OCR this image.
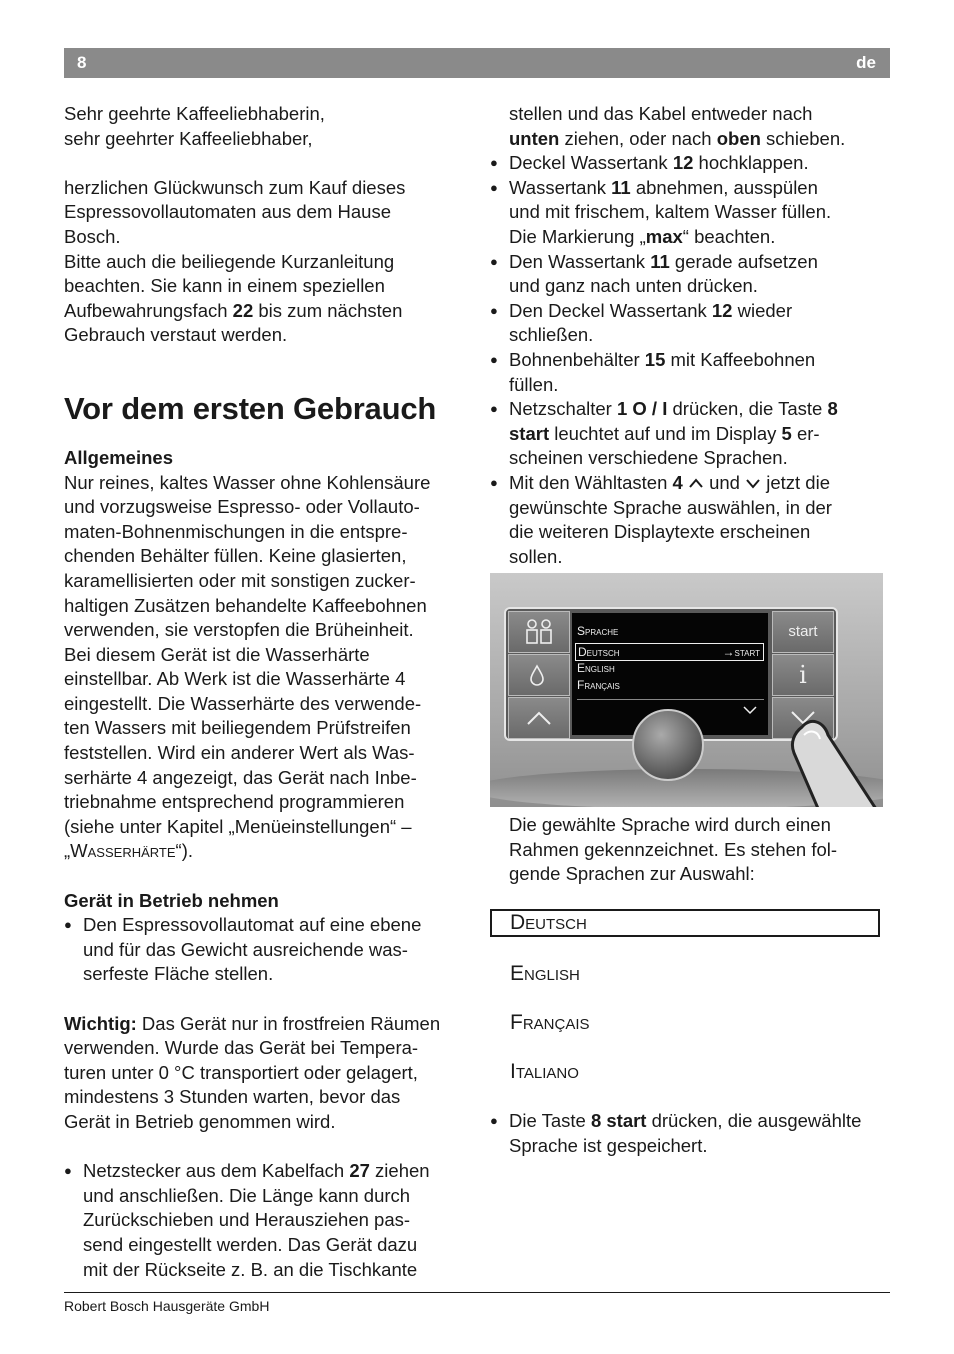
8	de

Sehr geehrte Kaffeeliebhaberin,

sehr geehrter Kaffeeliebhaber,

herzlichen Glückwunsch zum Kauf dieses

Espressovollautomaten aus dem Hause

Bosch.

Bitte auch die beiliegende Kurzanleitung

beachten. Sie kann in einem speziellen

Aufbewahrungsfach 22 bis zum nächsten

Gebrauch verstaut werden.

Vor dem ersten Gebrauch

Allgemeines

Nur reines, kaltes Wasser ohne Kohlensäure

und vorzugsweise Espresso- oder Vollauto-

maten-Bohnenmischungen in die entspre-

chenden Behälter füllen. Keine glasierten,

karamellisierten oder mit sonstigen zucker-

haltigen Zusätzen behandelte Kaffeebohnen

verwenden, sie verstopfen die Brüheinheit.

Bei diesem Gerät ist die Wasserhärte

einstellbar. Ab Werk ist die Wasserhärte 4

eingestellt. Die Wasserhärte des verwende-

ten Wassers mit beiliegendem Prüfstreifen

feststellen. Wird ein anderer Wert als Was-

serhärte 4 angezeigt, das Gerät nach Inbe-

triebnahme entsprechend programmieren

(siehe unter Kapitel „Menüeinstellungen“ –

„Wasserhärte“).

Gerät in Betrieb nehmen

● Den Espressovollautomat auf eine ebene
und für das Gewicht ausreichende was-
serfeste Fläche stellen.

Wichtig: Das Gerät nur in frostfreien Räumen

verwenden. Wurde das Gerät bei Tempera-

turen unter 0 °C transportiert oder gelagert,

mindestens 3 Stunden warten, bevor das

Gerät in Betrieb genommen wird.

● Netzstecker aus dem Kabelfach 27 ziehen
und anschließen. Die Länge kann durch
Zurückschieben und Herausziehen pas-
send eingestellt werden. Das Gerät dazu
mit der Rückseite z. B. an die Tischkante
stellen und das Kabel entweder nach
unten ziehen, oder nach oben schieben.
● Deckel Wassertank 12 hochklappen.
● Wassertank 11 abnehmen, ausspülen
und mit frischem, kaltem Wasser füllen.
Die Markierung „max“ beachten.
● Den Wassertank 11 gerade aufsetzen
und ganz nach unten drücken.
● Den Deckel Wassertank 12 wieder
schließen.
● Bohnenbehälter 15 mit Kaffeebohnen
füllen.
● Netzschalter 1 O / I drücken, die Taste 8
start leuchtet auf und im Display 5 er-
scheinen verschiedene Sprachen.
● Mit den Wähltasten 4  und  jetzt die
gewünschte Sprache auswählen, in der
die weiteren Displaytexte erscheinen
sollen.
Sprache
Deutsch	→start
English
Français
start
i
Die gewählte Sprache wird durch einen
Rahmen gekennzeichnet. Es stehen fol-
gende Sprachen zur Auswahl:
Deutsch
English
Français
Italiano
● Die Taste 8 start drücken, die ausgewählte
Sprache ist gespeichert.
Robert Bosch Hausgeräte GmbH
